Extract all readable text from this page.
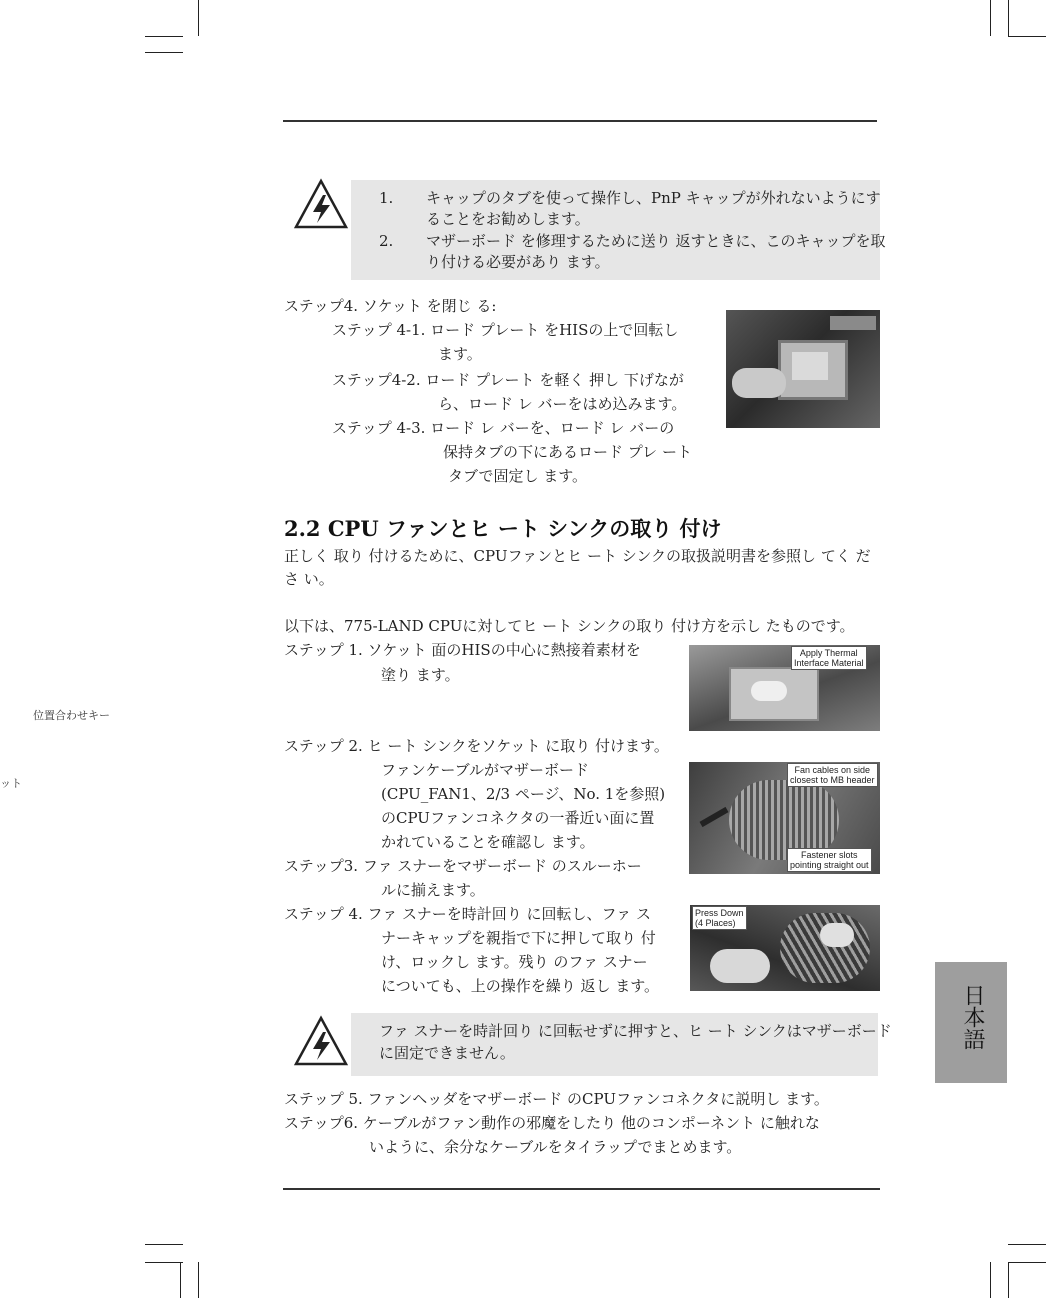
1. キャップのタブを使って操作し、PnP キャップが外れないようにす
ることをお勧めします。
2. マザーボード を修理するために送り 返すときに、このキャップを取
り付ける必要があり ます。
ステップ4. ソケット を閉じ る:
ステップ 4-1. ロード プレート をHISの上で回転し
ます。
ステップ4-2. ロード プレート を軽く 押し 下げなが
ら、ロード レ バーをはめ込みます。
ステップ 4-3. ロード レ バーを、ロード レ バーの
保持タブの下にあるロード プレ ート
タブで固定し ます。
2.2 CPU ファンとヒ ート シンクの取り 付け
正しく 取り 付けるために、CPUファンとヒ ート シンクの取扱説明書を参照し てく だ
さ い。
以下は、775-LAND CPUに対してヒ ート シンクの取り 付け方を示し たものです。
ステップ 1. ソケット 面のHISの中心に熱接着素材を
塗り ます。
Apply Thermal
Interface Material
位置合わせキー
ット
ステップ 2. ヒ ート シンクをソケット に取り 付けます。
ファンケーブルがマザーボード
(CPU_FAN1、2/3 ページ、No. 1を参照)
のCPUファンコネクタの一番近い面に置
かれていることを確認し ます。
Fan cables on side
closest to MB header
Fastener slots
pointing straight out
ステップ3. ファ スナーをマザーボード のスルーホー
ルに揃えます。
ステップ 4. ファ スナーを時計回り に回転し、ファ ス
ナーキャップを親指で下に押して取り 付
け、ロックし ます。残り のファ スナー
についても、上の操作を繰り 返し ます。
Press Down
(4 Places)
ファ スナーを時計回り に回転せずに押すと、ヒ ート シンクはマザーボード
に固定できません。
ステップ 5. ファンヘッダをマザーボード のCPUファンコネクタに説明し ます。
ステップ6. ケーブルがファン動作の邪魔をしたり 他のコンポーネント に触れな
いように、余分なケーブルをタイラップでまとめます。
日本語
